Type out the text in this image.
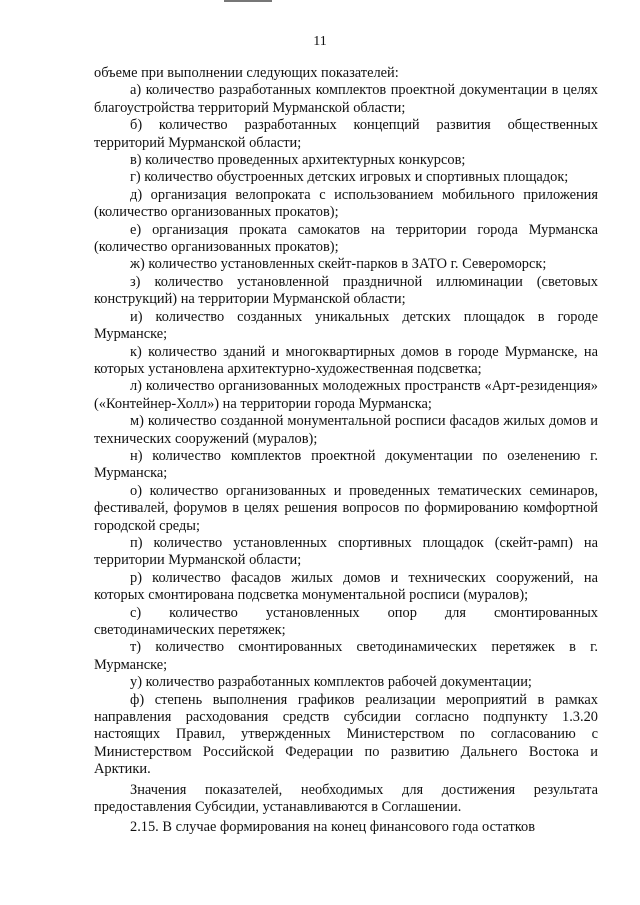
11

объеме при выполнении следующих показателей:

а) количество разработанных комплектов проектной документации в целях благоустройства территорий Мурманской области;

б) количество разработанных концепций развития общественных территорий Мурманской области;

в) количество проведенных архитектурных конкурсов;

г) количество обустроенных детских игровых и спортивных площадок;

д) организация велопроката с использованием мобильного приложения (количество организованных прокатов);

е) организация проката самокатов на территории города Мурманска (количество организованных прокатов);

ж) количество установленных скейт-парков в ЗАТО г. Североморск;

з) количество установленной праздничной иллюминации (световых конструкций) на территории Мурманской области;

и) количество созданных уникальных детских площадок в городе Мурманске;

к) количество зданий и многоквартирных домов в городе Мурманске, на которых установлена архитектурно-художественная подсветка;

л) количество организованных молодежных пространств «Арт-резиденция» («Контейнер-Холл») на территории города Мурманска;

м) количество созданной монументальной росписи фасадов жилых домов и технических сооружений (муралов);

н) количество комплектов проектной документации по озеленению г. Мурманска;

о) количество организованных и проведенных тематических семинаров, фестивалей, форумов в целях решения вопросов по формированию комфортной городской среды;

п) количество установленных спортивных площадок (скейт-рамп) на территории Мурманской области;

р) количество фасадов жилых домов и технических сооружений, на которых смонтирована подсветка монументальной росписи (муралов);

с) количество установленных опор для смонтированных светодинамических перетяжек;

т) количество смонтированных светодинамических перетяжек в г. Мурманске;

у) количество разработанных комплектов рабочей документации;

ф) степень выполнения графиков реализации мероприятий в рамках направления расходования средств субсидии согласно подпункту 1.3.20 настоящих Правил, утвержденных Министерством по согласованию с Министерством Российской Федерации по развитию Дальнего Востока и Арктики.

Значения показателей, необходимых для достижения результата предоставления Субсидии, устанавливаются в Соглашении.

2.15. В случае формирования на конец финансового года остатков
